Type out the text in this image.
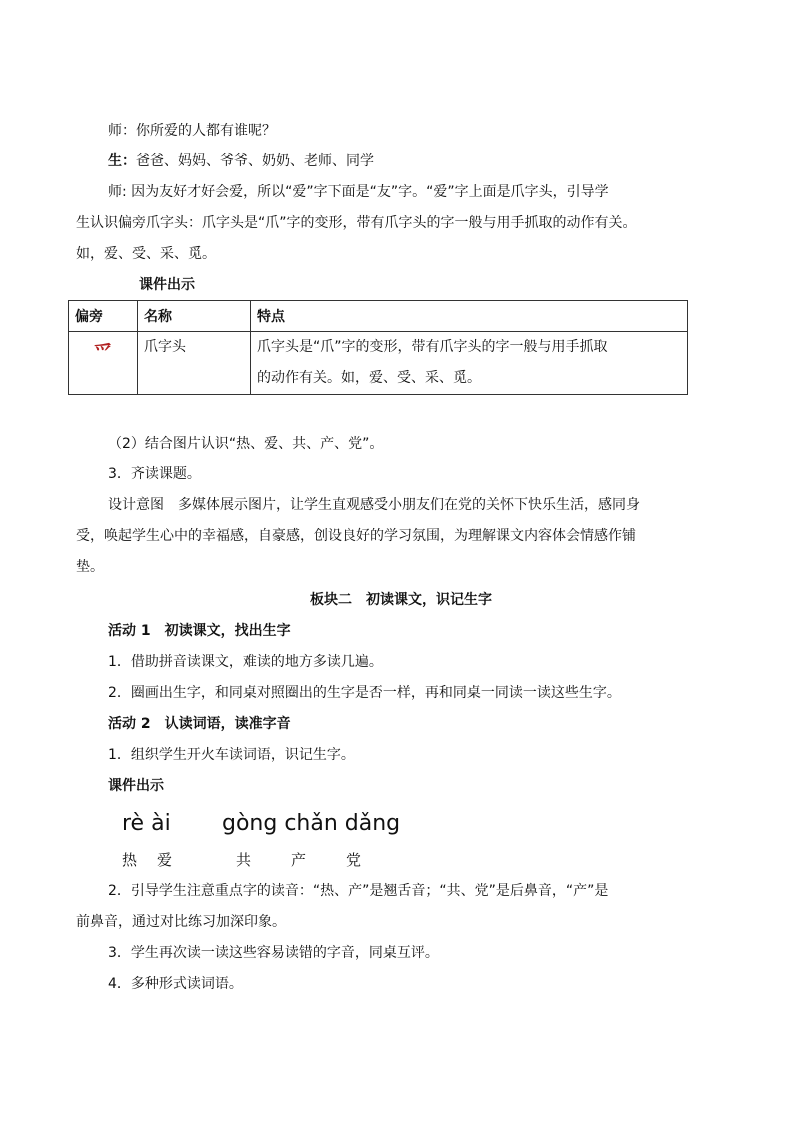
师：你所爱的人都有谁呢？
生：爸爸、妈妈、爷爷、奶奶、老师、同学
师: 因为友好才好会爱，所以“爱”字下面是“友”字。“爱”字上面是爪字头，引导学
生认识偏旁爪字头：爪字头是“爪”字的变形，带有爪字头的字一般与用手抓取的动作有关。
如，爱、受、采、觅。
课件出示
偏旁	名称	特点

爫	爪字头	爪字头是“爪”字的变形，带有爪字头的字一般与用手抓取
的动作有关。如，爱、受、采、觅。
（2）结合图片认识“热、爱、共、产、党”。
3．齐读课题。
设计意图　多媒体展示图片，让学生直观感受小朋友们在党的关怀下快乐生活，感同身
受，唤起学生心中的幸福感，自豪感，创设良好的学习氛围，为理解课文内容体会情感作铺
垫。
板块二　初读课文，识记生字
活动 1　初读课文，找出生字
1．借助拼音读课文，难读的地方多读几遍。
2．圈画出生字，和同桌对照圈出的生字是否一样，再和同桌一同读一读这些生字。
活动 2　认读词语，读准字音
1．组织学生开火车读词语，识记生字。
课件出示
rè ài gòng chǎn dǎng
热 爱	共	产	党
2．引导学生注意重点字的读音：“热、产”是翘舌音；“共、党”是后鼻音，“产”是
前鼻音，通过对比练习加深印象。
3．学生再次读一读这些容易读错的字音，同桌互评。
4．多种形式读词语。
